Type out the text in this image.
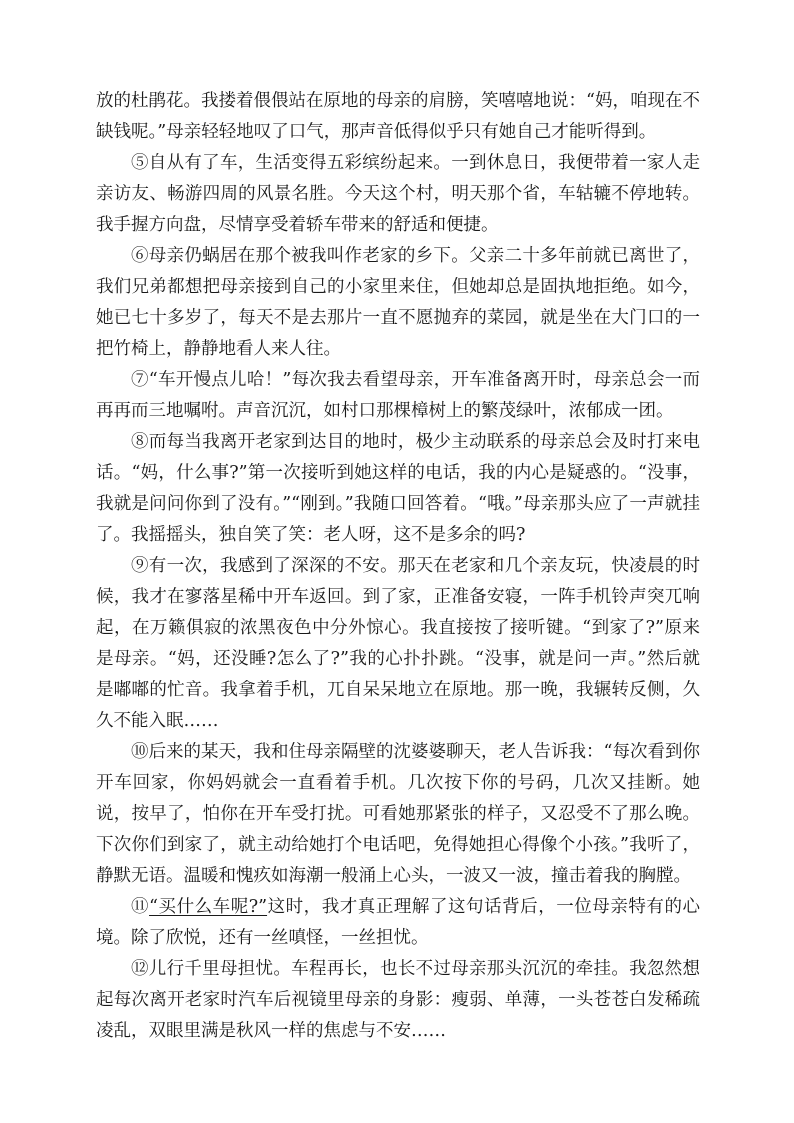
放的杜鹃花。我搂着偎偎站在原地的母亲的肩膀，笑嘻嘻地说：“妈，咱现在不缺钱呢。”母亲轻轻地叹了口气，那声音低得似乎只有她自己才能听得到。

⑤自从有了车，生活变得五彩缤纷起来。一到休息日，我便带着一家人走亲访友、畅游四周的风景名胜。今天这个村，明天那个省，车轱辘不停地转。我手握方向盘，尽情享受着轿车带来的舒适和便捷。

⑥母亲仍蜗居在那个被我叫作老家的乡下。父亲二十多年前就已离世了，我们兄弟都想把母亲接到自己的小家里来住，但她却总是固执地拒绝。如今，她已七十多岁了，每天不是去那片一直不愿抛弃的菜园，就是坐在大门口的一把竹椅上，静静地看人来人往。

⑦“车开慢点儿哈！”每次我去看望母亲，开车准备离开时，母亲总会一而再再而三地嘱咐。声音沉沉，如村口那棵樟树上的繁茂绿叶，浓郁成一团。

⑧而每当我离开老家到达目的地时，极少主动联系的母亲总会及时打来电话。“妈，什么事?”第一次接听到她这样的电话，我的内心是疑惑的。“没事，我就是问问你到了没有。”“刚到。”我随口回答着。“哦。”母亲那头应了一声就挂了。我摇摇头，独自笑了笑：老人呀，这不是多余的吗?

⑨有一次，我感到了深深的不安。那天在老家和几个亲友玩，快凌晨的时候，我才在寥落星稀中开车返回。到了家，正准备安寝，一阵手机铃声突兀响起，在万籁俱寂的浓黑夜色中分外惊心。我直接按了接听键。“到家了?”原来是母亲。“妈，还没睡?怎么了?”我的心扑扑跳。“没事，就是问一声。”然后就是嘟嘟的忙音。我拿着手机，兀自呆呆地立在原地。那一晚，我辗转反侧，久久不能入眠……

⑩后来的某天，我和住母亲隔壁的沈婆婆聊天，老人告诉我：“每次看到你开车回家，你妈妈就会一直看着手机。几次按下你的号码，几次又挂断。她说，按早了，怕你在开车受打扰。可看她那紧张的样子，又忍受不了那么晚。下次你们到家了，就主动给她打个电话吧，免得她担心得像个小孩。”我听了，静默无语。温暖和愧疚如海潮一般涌上心头，一波又一波，撞击着我的胸膛。

⑪“买什么车呢?”这时，我才真正理解了这句话背后，一位母亲特有的心境。除了欣悦，还有一丝嗔怪，一丝担忧。

⑫儿行千里母担忧。车程再长，也长不过母亲那头沉沉的牵挂。我忽然想起每次离开老家时汽车后视镜里母亲的身影：瘦弱、单薄，一头苍苍白发稀疏凌乱，双眼里满是秋风一样的焦虑与不安……
